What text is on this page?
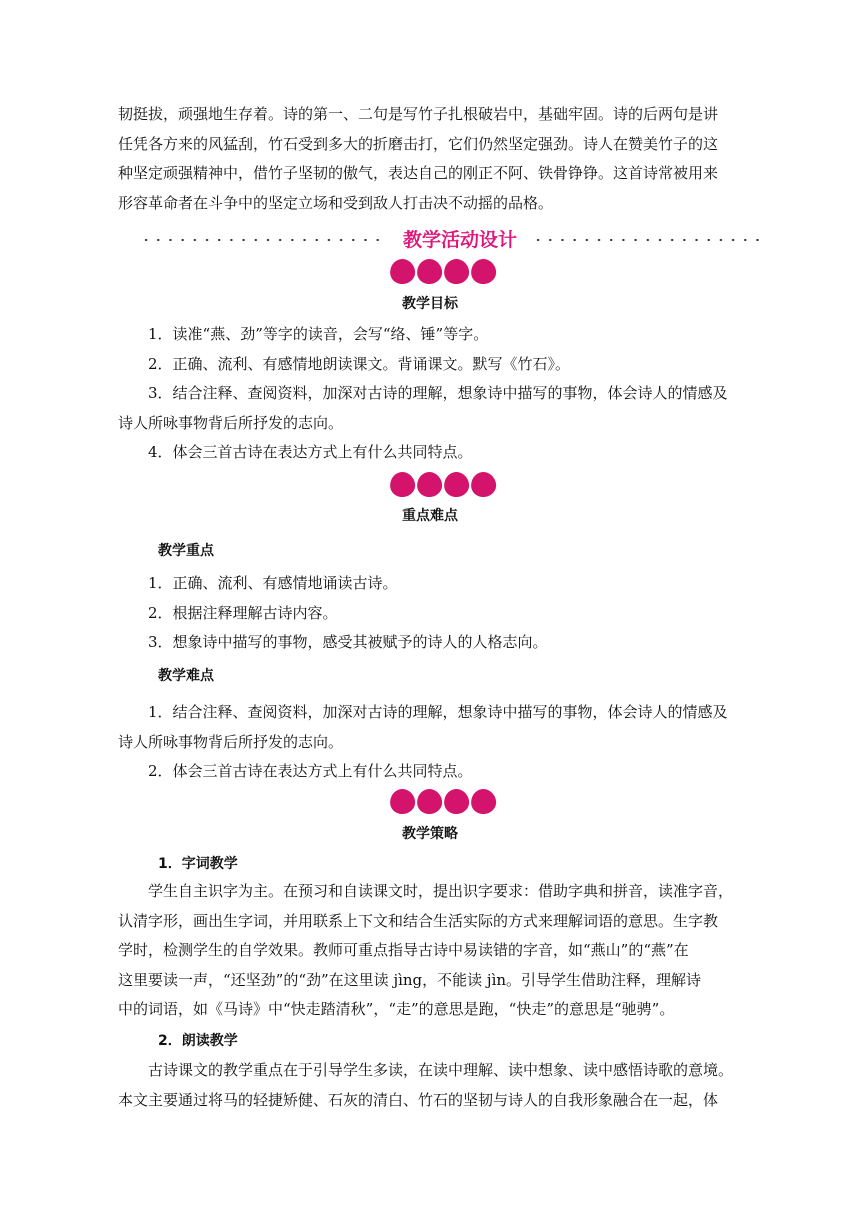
韧挺拔，顽强地生存着。诗的第一、二句是写竹子扎根破岩中，基础牢固。诗的后两句是讲

任凭各方来的风猛刮，竹石受到多大的折磨击打，它们仍然坚定强劲。诗人在赞美竹子的这

种坚定顽强精神中，借竹子坚韧的傲气，表达自己的刚正不阿、铁骨铮铮。这首诗常被用来

形容革命者在斗争中的坚定立场和受到敌人打击决不动摇的品格。

教学活动设计
教学目标

1．读准“燕、劲”等字的读音，会写“络、锤”等字。

2．正确、流利、有感情地朗读课文。背诵课文。默写《竹石》。

3．结合注释、查阅资料，加深对古诗的理解，想象诗中描写的事物，体会诗人的情感及

诗人所咏事物背后所抒发的志向。

4．体会三首古诗在表达方式上有什么共同特点。

重点难点
教学重点

1．正确、流利、有感情地诵读古诗。

2．根据注释理解古诗内容。

3．想象诗中描写的事物，感受其被赋予的诗人的人格志向。

教学难点

1．结合注释、查阅资料，加深对古诗的理解，想象诗中描写的事物，体会诗人的情感及

诗人所咏事物背后所抒发的志向。

2．体会三首古诗在表达方式上有什么共同特点。

教学策略
1．字词教学

学生自主识字为主。在预习和自读课文时，提出识字要求：借助字典和拼音，读准字音，

认清字形，画出生字词，并用联系上下文和结合生活实际的方式来理解词语的意思。生字教

学时，检测学生的自学效果。教师可重点指导古诗中易读错的字音，如“燕山”的“燕”在

这里要读一声，“还坚劲”的“劲”在这里读 jìng，不能读 jìn。引导学生借助注释，理解诗

中的词语，如《马诗》中“快走踏清秋”，“走”的意思是跑，“快走”的意思是“驰骋”。

2．朗读教学

古诗课文的教学重点在于引导学生多读，在读中理解、读中想象、读中感悟诗歌的意境。

本文主要通过将马的轻捷矫健、石灰的清白、竹石的坚韧与诗人的自我形象融合在一起，体
